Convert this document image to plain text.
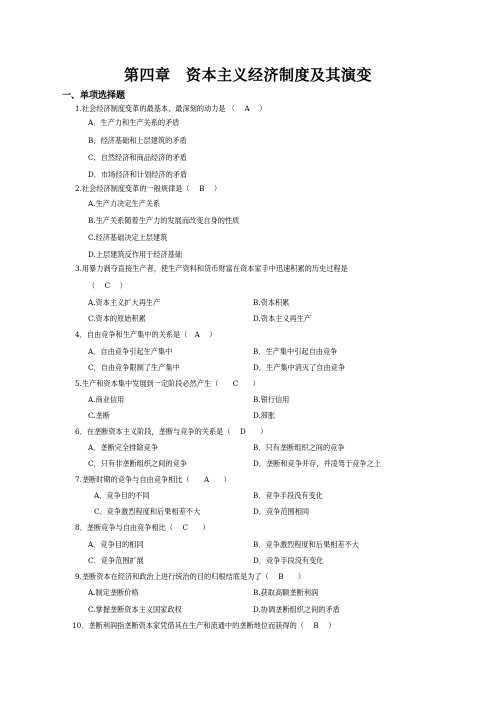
第四章　资本主义经济制度及其演变
一、单项选择题
1.社会经济制度变革的最基本、最深刻的动力是 （　 A　 ）
A．生产力和生产关系的矛盾
B．经济基础和上层建筑的矛盾
C．自然经济和商品经济的矛盾
D．市场经济和计划经济的矛盾
2.社会经济制度变革的一般规律是（　 B　 ）
A.生产力决定生产关系
B.生产关系随着生产力的发展而改变自身的性质
C.经济基础决定上层建筑
D.上层建筑反作用于经济基础
3.用暴力剥夺直接生产者，使生产资料和货币财富在资本家手中迅速积累的历史过程是
（　 C　 ）
A.资本主义扩大再生产	B.资本积累
C.资本的原始积累	D.资本主义再生产
4．自由竞争和生产集中的关系是（　A　 ）
A．自由竞争引起生产集中	B．生产集中引起自由竞争
C．自由竞争限制了生产集中	D．生产集中消灭了自由竞争
5.生产和资本集中发展到一定阶段必然产生（　　C　　）
A.商业信用	B.银行信用
C.垄断	D.滞胀
6．在垄断资本主义阶段，垄断与竞争的关系是（　 D　　）
A．垄断完全排除竞争	B．只有垄断组织之间的竞争
C．只有非垄断组织之间的竞争	D．垄断和竞争并存，并凌驾于竞争之上
7.垄断时期的竞争与自由竞争相比（　　A　　）
A．竞争目的不同	B．竞争手段没有变化
C．竞争激烈程度和后果相差不大	D．竞争范围相同
8．垄断竞争与自由竞争相比（　 C　　）
A．竞争目的相同	B．竞争激烈程度和后果相差不大
C．竞争范围扩展	D．竞争手段没有变化
9.垄断资本在经济和政治上进行统治的目的归根结底是为了（　 B　　）
A.制定垄断价格	B.获取高额垄断利润
C.掌握垄断资本主义国家政权	D.协调垄断组织之间的矛盾
10．垄断利润指垄断资本家凭借其在生产和流通中的垄断地位而获得的（　 B　 ）
